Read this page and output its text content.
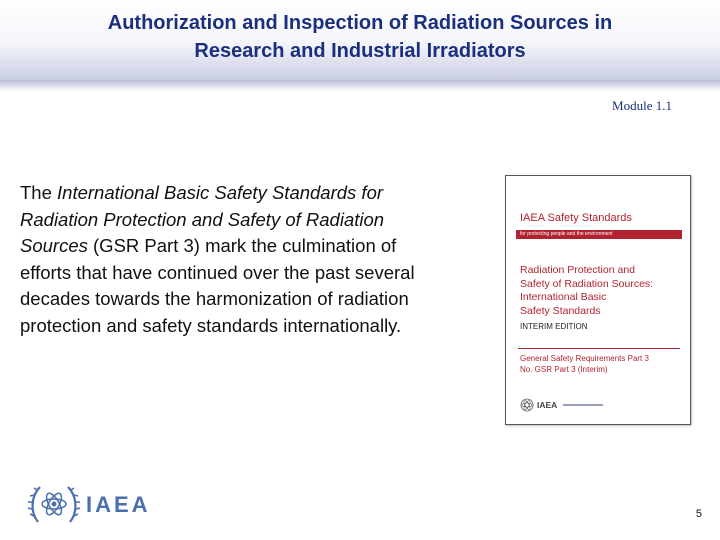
Authorization and Inspection of Radiation Sources in
Research and Industrial Irradiators
Module 1.1

The International Basic Safety Standards for Radiation Protection and Safety of Radiation Sources (GSR Part 3) mark the culmination of efforts that have continued over the past several decades towards the harmonization of radiation protection and safety standards internationally.

IAEA Safety Standards
for protecting people and the environment
Radiation Protection and
Safety of Radiation Sources:
International Basic
Safety Standards
INTERIM EDITION
General Safety Requirements Part 3
No. GSR Part 3 (Interim)
IAEA
IAEA	5
